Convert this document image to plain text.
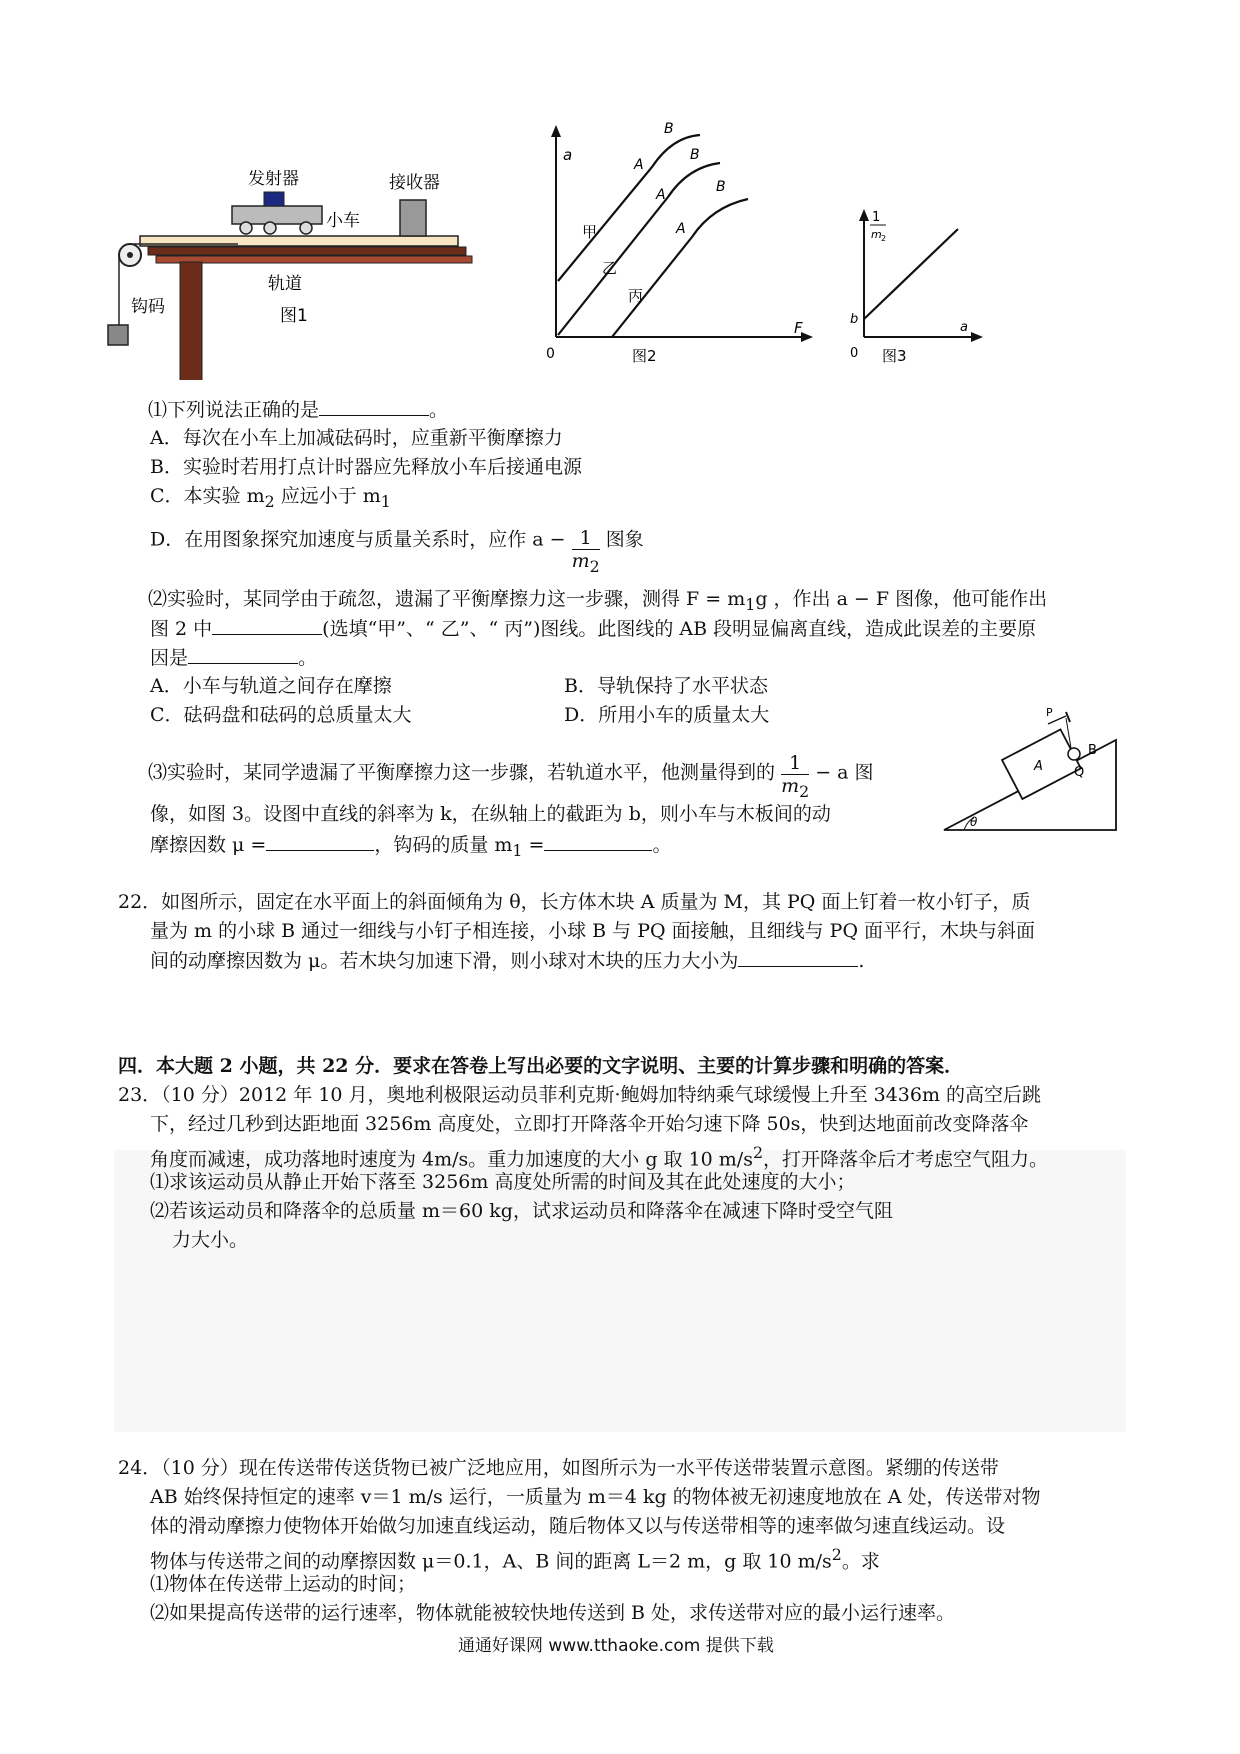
发射器	接收器
小车
轨道
钩码	图1
a
F
0
A
B
A
B
A
B
甲
乙
丙
图2
1
m 2
a
b
0 图3
⑴下列说法正确的是	。
A．每次在小车上加减砝码时，应重新平衡摩擦力
B．实验时若用打点计时器应先释放小车后接通电源
C．本实验 $m_2$ 应远小于 $m_1$
D．在用图象探究加速度与质量关系时，应作 $a - \frac{1}{m_2}$ 图象
⑵实验时，某同学由于疏忽，遗漏了平衡摩擦力这一步骤，测得 $F = m_1g$ ，作出 a − F 图像，他可能作出
图 2 中	(选填“甲”、“ 乙”、“ 丙”)图线。此图线的 AB 段明显偏离直线，造成此误差的主要原
因是	。
A．小车与轨道之间存在摩擦	B．导轨保持了水平状态
C．砝码盘和砝码的总质量太大	D．所用小车的质量太大
⑶实验时，某同学遗漏了平衡摩擦力这一步骤，若轨道水平，他测量得到的 $\frac{1}{m_2} - a$ 图
像，如图 3。设图中直线的斜率为 k，在纵轴上的截距为 b，则小车与木板间的动
摩擦因数 μ =	，钩码的质量 $m_1$ =	。
P
A
B
Q
θ
22．如图所示，固定在水平面上的斜面倾角为 θ，长方体木块 A 质量为 M，其 PQ 面上钉着一枚小钉子，质
量为 m 的小球 B 通过一细线与小钉子相连接，小球 B 与 PQ 面接触，且细线与 PQ 面平行，木块与斜面
间的动摩擦因数为 μ。若木块匀加速下滑，则小球对木块的压力大小为	.
四．本大题 2 小题，共 22 分．要求在答卷上写出必要的文字说明、主要的计算步骤和明确的答案．
23．（10 分）2012 年 10 月，奥地利极限运动员菲利克斯·鲍姆加特纳乘气球缓慢上升至 3436m 的高空后跳
下，经过几秒到达距地面 3256m 高度处，立即打开降落伞开始匀速下降 50s，快到达地面前改变降落伞
角度而减速，成功落地时速度为 4m/s。重力加速度的大小 g 取 10 $m/s^2$，打开降落伞后才考虑空气阻力。
⑴求该运动员从静止开始下落至 3256m 高度处所需的时间及其在此处速度的大小；
⑵若该运动员和降落伞的总质量 m＝60 kg，试求运动员和降落伞在减速下降时受空气阻
力大小。
24．（10 分）现在传送带传送货物已被广泛地应用，如图所示为一水平传送带装置示意图。紧绷的传送带
AB 始终保持恒定的速率 v＝1 m/s 运行，一质量为 m＝4 kg 的物体被无初速度地放在 A 处，传送带对物
体的滑动摩擦力使物体开始做匀加速直线运动，随后物体又以与传送带相等的速率做匀速直线运动。设
物体与传送带之间的动摩擦因数 μ＝0.1，A、B 间的距离 L＝2 m，g 取 10 $m/s^2$。求
⑴物体在传送带上运动的时间；
⑵如果提高传送带的运行速率，物体就能被较快地传送到 B 处，求传送带对应的最小运行速率。
通通好课网 www.tthaoke.com 提供下载
